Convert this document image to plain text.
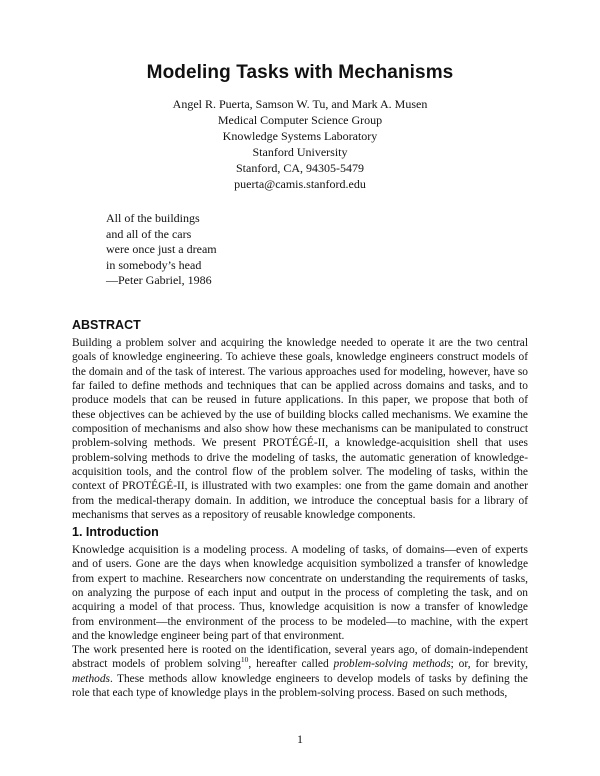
Modeling Tasks with Mechanisms
Angel R. Puerta, Samson W. Tu, and Mark A. Musen
Medical Computer Science Group
Knowledge Systems Laboratory
Stanford University
Stanford, CA, 94305-5479
puerta@camis.stanford.edu
All of the buildings
and all of the cars
were once just a dream
in somebody’s head
—Peter Gabriel, 1986
ABSTRACT

Building a problem solver and acquiring the knowledge needed to operate it are the two central goals of knowledge engineering. To achieve these goals, knowledge engineers construct models of the domain and of the task of interest. The various approaches used for modeling, however, have so far failed to define methods and techniques that can be applied across domains and tasks, and to produce models that can be reused in future applications. In this paper, we propose that both of these objectives can be achieved by the use of building blocks called mechanisms. We examine the composition of mechanisms and also show how these mechanisms can be manipulated to construct problem-solving methods. We present PROTÉGÉ-II, a knowledge-acquisition shell that uses problem-solving methods to drive the modeling of tasks, the automatic generation of knowledge-acquisition tools, and the control flow of the problem solver. The modeling of tasks, within the context of PROTÉGÉ-II, is illustrated with two examples: one from the game domain and another from the medical-therapy domain. In addition, we introduce the conceptual basis for a library of mechanisms that serves as a repository of reusable knowledge components.

1. Introduction

Knowledge acquisition is a modeling process. A modeling of tasks, of domains—even of experts and of users. Gone are the days when knowledge acquisition symbolized a transfer of knowledge from expert to machine. Researchers now concentrate on understanding the requirements of tasks, on analyzing the purpose of each input and output in the process of completing the task, and on acquiring a model of that process. Thus, knowledge acquisition is now a transfer of knowledge from environment—the environment of the process to be modeled—to machine, with the expert and the knowledge engineer being part of that environment.

The work presented here is rooted on the identification, several years ago, of domain-independent abstract models of problem solving$^{10}$, hereafter called problem-solving methods; or, for brevity, methods. These methods allow knowledge engineers to develop models of tasks by defining the role that each type of knowledge plays in the problem-solving process. Based on such methods,

1
